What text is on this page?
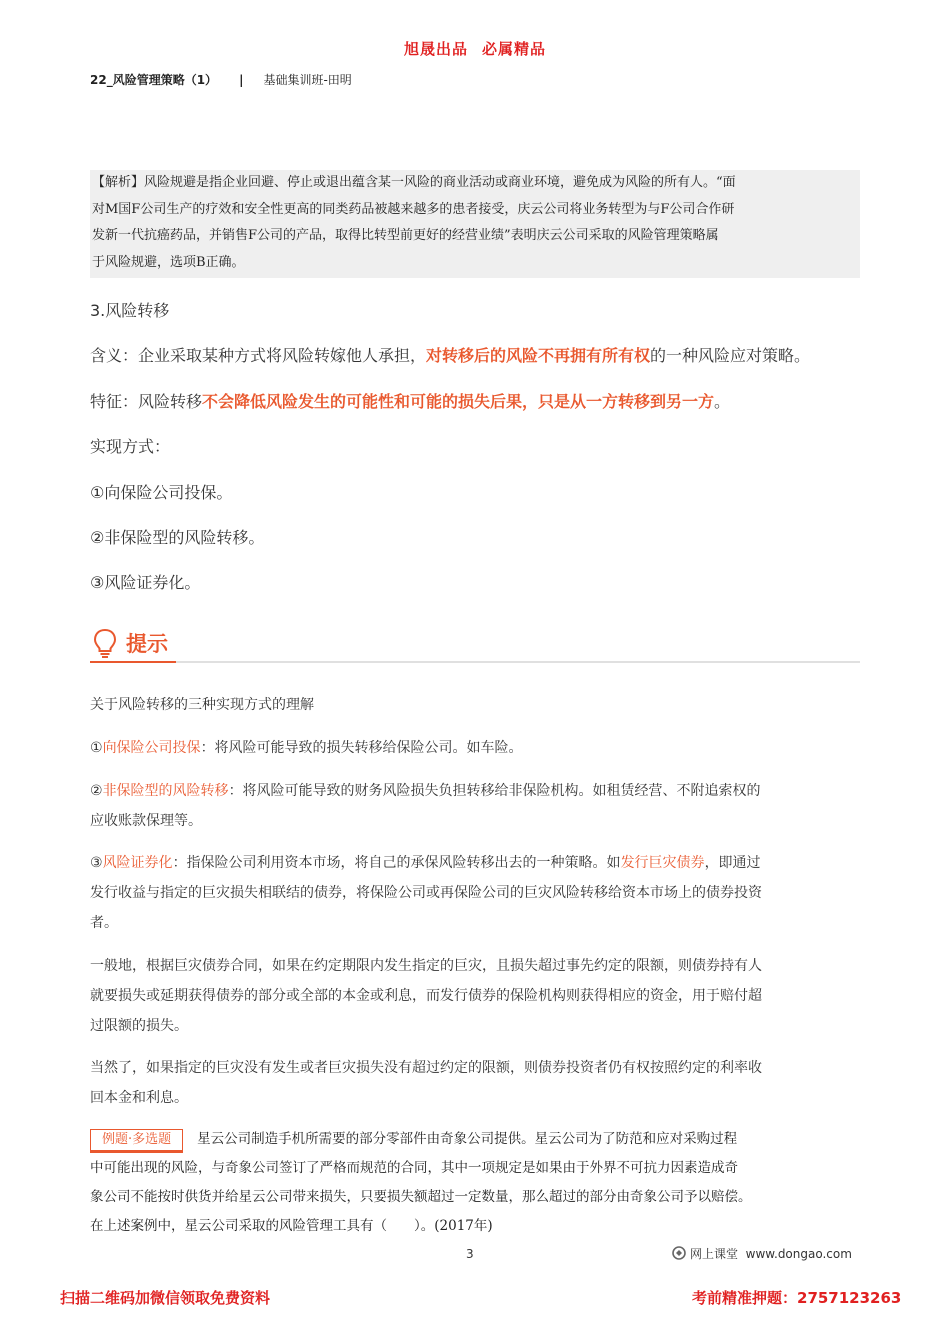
旭晟出品 必属精品
22_风险管理策略（1） | 基础集训班-田明
【解析】风险规避是指企业回避、停止或退出蕴含某一风险的商业活动或商业环境，避免成为风险的所有人。“面
对M国F公司生产的疗效和安全性更高的同类药品被越来越多的患者接受，庆云公司将业务转型为与F公司合作研
发新一代抗癌药品，并销售F公司的产品，取得比转型前更好的经营业绩”表明庆云公司采取的风险管理策略属
于风险规避，选项B正确。
3.风险转移
含义：企业采取某种方式将风险转嫁他人承担，对转移后的风险不再拥有所有权的一种风险应对策略。
特征：风险转移不会降低风险发生的可能性和可能的损失后果，只是从一方转移到另一方。
实现方式：
①向保险公司投保。
②非保险型的风险转移。
③风险证券化。
提示
关于风险转移的三种实现方式的理解
①向保险公司投保：将风险可能导致的损失转移给保险公司。如车险。
②非保险型的风险转移：将风险可能导致的财务风险损失负担转移给非保险机构。如租赁经营、不附追索权的
应收账款保理等。
③风险证券化：指保险公司利用资本市场，将自己的承保风险转移出去的一种策略。如发行巨灾债券，即通过
发行收益与指定的巨灾损失相联结的债券，将保险公司或再保险公司的巨灾风险转移给资本市场上的债券投资
者。
一般地，根据巨灾债券合同，如果在约定期限内发生指定的巨灾，且损失超过事先约定的限额，则债券持有人
就要损失或延期获得债券的部分或全部的本金或利息，而发行债券的保险机构则获得相应的资金，用于赔付超
过限额的损失。
当然了，如果指定的巨灾没有发生或者巨灾损失没有超过约定的限额，则债券投资者仍有权按照约定的利率收
回本金和利息。
例题·多选题 星云公司制造手机所需要的部分零部件由奇象公司提供。星云公司为了防范和应对采购过程
中可能出现的风险，与奇象公司签订了严格而规范的合同，其中一项规定是如果由于外界不可抗力因素造成奇
象公司不能按时供货并给星云公司带来损失，只要损失额超过一定数量，那么超过的部分由奇象公司予以赔偿。
在上述案例中，星云公司采取的风险管理工具有（　　）。(2017年)
3	网上课堂 www.dongao.com
扫描二维码加微信领取免费资料	考前精准押题：2757123263
